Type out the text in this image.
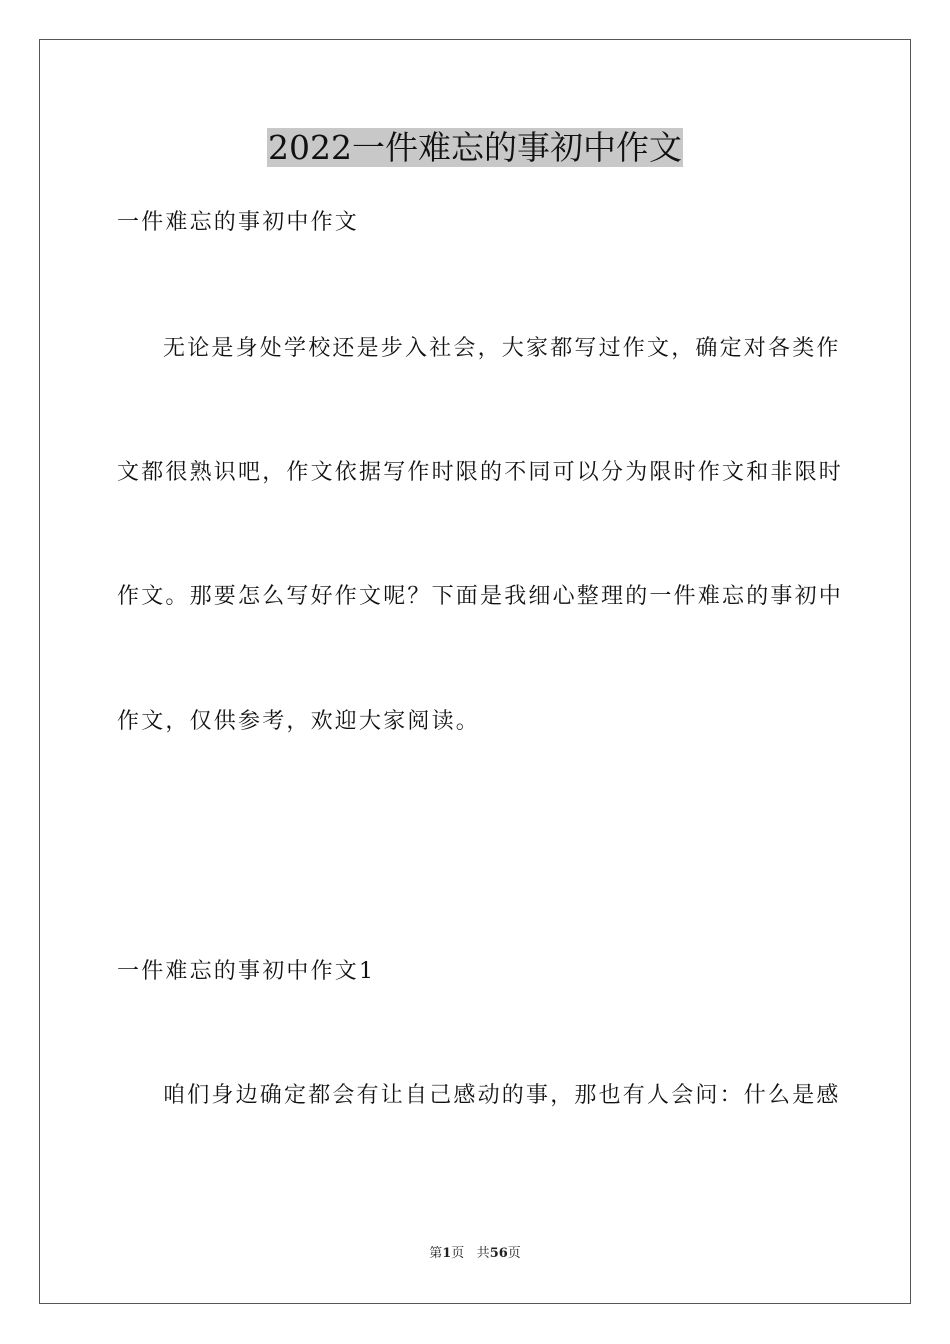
2022一件难忘的事初中作文
一件难忘的事初中作文
无论是身处学校还是步入社会，大家都写过作文，确定对各类作
文都很熟识吧，作文依据写作时限的不同可以分为限时作文和非限时
作文。那要怎么写好作文呢？下面是我细心整理的一件难忘的事初中
作文，仅供参考，欢迎大家阅读。
一件难忘的事初中作文1
咱们身边确定都会有让自己感动的事，那也有人会问：什么是感
第1页 共56页
